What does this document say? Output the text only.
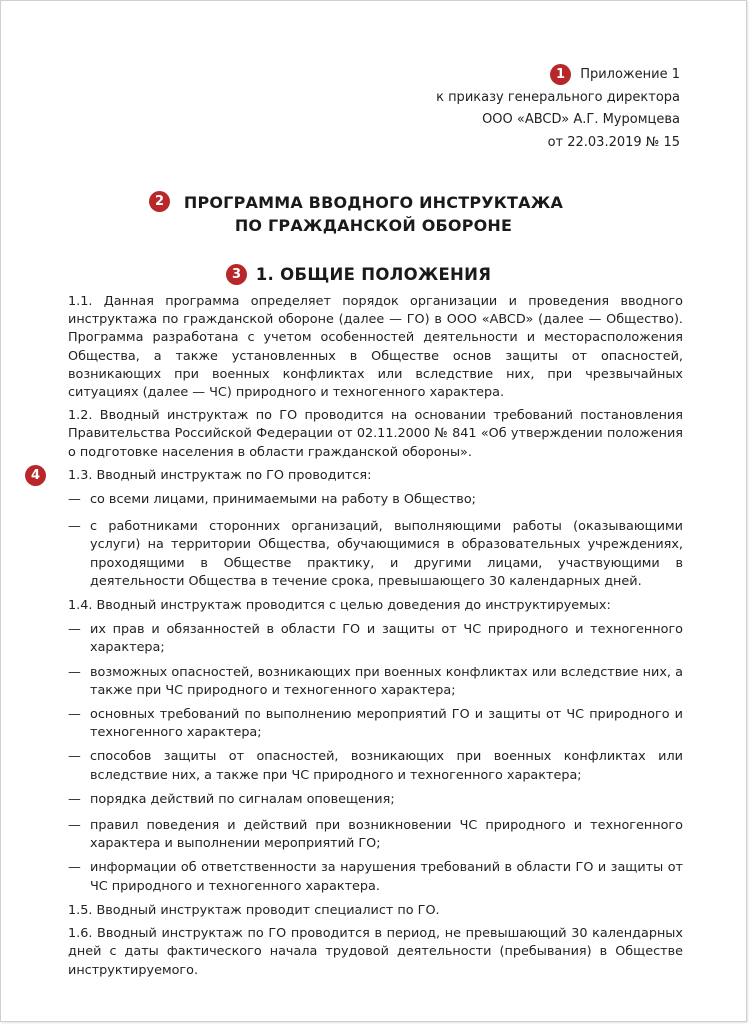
1	Приложение 1
к приказу генерального директора
ООО «ABCD» А.Г. Муромцева
от 22.03.2019 № 15
2	ПРОГРАММА ВВОДНОГО ИНСТРУКТАЖА
ПО ГРАЖДАНСКОЙ ОБОРОНЕ
3 1. ОБЩИЕ ПОЛОЖЕНИЯ
4

1.1. Данная программа определяет порядок организации и проведения вводного инструктажа по гражданской обороне (далее — ГО) в ООО «ABCD» (далее — Общество). Программа разработана с учетом особенностей деятельности и месторасположения Общества, а также установленных в Обществе основ защиты от опасностей, возникающих при военных конфликтах или вследствие них, при чрезвычайных ситуациях (далее — ЧС) природного и техногенного характера.

1.2. Вводный инструктаж по ГО проводится на основании требований постановления Правительства Российской Федерации от 02.11.2000 № 841 «Об утверждении положения о подготовке населения в области гражданской обороны».

1.3. Вводный инструктаж по ГО проводится:

— со всеми лицами, принимаемыми на работу в Общество;
— с работниками сторонних организаций, выполняющими работы (оказывающими услуги) на территории Общества, обучающимися в образовательных учреждениях, проходящими в Обществе практику, и другими лицами, участвующими в деятельности Общества в течение срока, превышающего 30 календарных дней.

1.4. Вводный инструктаж проводится с целью доведения до инструктируемых:

— их прав и обязанностей в области ГО и защиты от ЧС природного и техногенного характера;
— возможных опасностей, возникающих при военных конфликтах или вследствие них, а также при ЧС природного и техногенного характера;
— основных требований по выполнению мероприятий ГО и защиты от ЧС природного и техногенного характера;
— способов защиты от опасностей, возникающих при военных конфликтах или вследствие них, а также при ЧС природного и техногенного характера;
— порядка действий по сигналам оповещения;
— правил поведения и действий при возникновении ЧС природного и техногенного характера и выполнении мероприятий ГО;
— информации об ответственности за нарушения требований в области ГО и защиты от ЧС природного и техногенного характера.

1.5. Вводный инструктаж проводит специалист по ГО.

1.6. Вводный инструктаж по ГО проводится в период, не превышающий 30 календарных дней с даты фактического начала трудовой деятельности (пребывания) в Обществе инструктируемого.
